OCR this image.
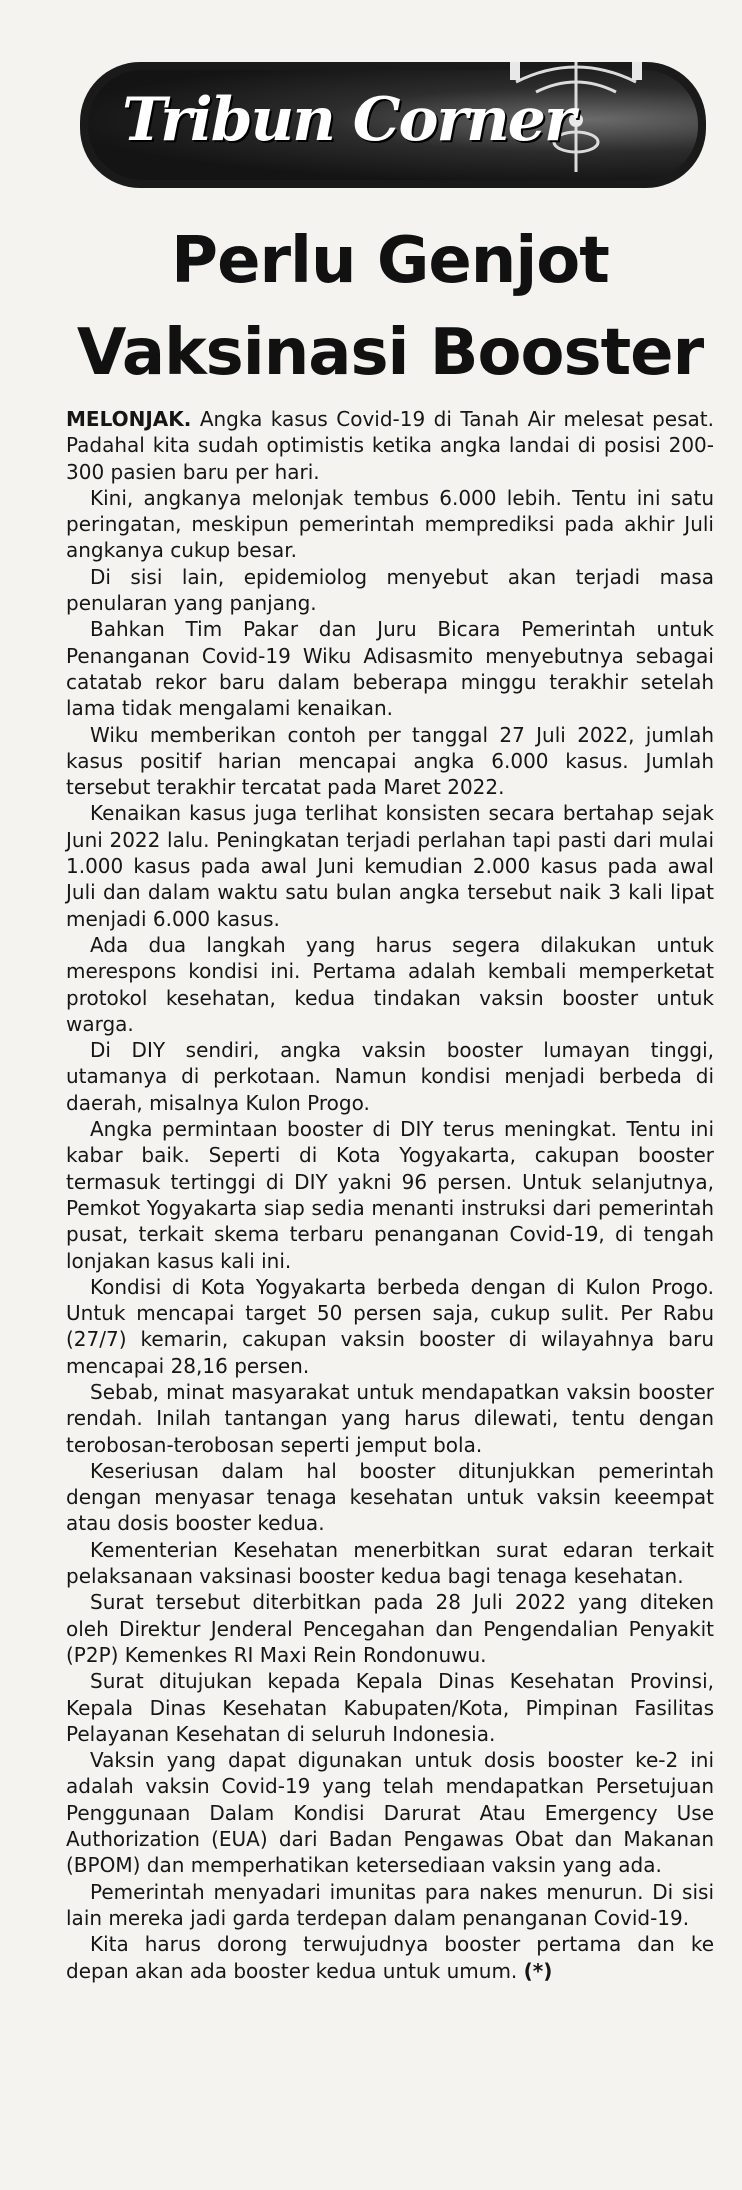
Tribun Corner
Perlu Genjot
Vaksinasi Booster

MELONJAK. Angka kasus Covid-19 di Tanah Air melesat pesat. Padahal kita sudah optimistis ketika angka landai di posisi 200-300 pasien baru per hari.

Kini, angkanya melonjak tembus 6.000 lebih. Tentu ini satu peringatan, meskipun pemerintah memprediksi pada akhir Juli angkanya cukup besar.

Di sisi lain, epidemiolog menyebut akan terjadi masa penularan yang panjang.

Bahkan Tim Pakar dan Juru Bicara Pemerintah untuk Penanganan Covid-19 Wiku Adisasmito menyebutnya sebagai catatab rekor baru dalam beberapa minggu terakhir setelah lama tidak mengalami kenaikan.

Wiku memberikan contoh per tanggal 27 Juli 2022, jumlah kasus positif harian mencapai angka 6.000 kasus. Jumlah tersebut terakhir tercatat pada Maret 2022.

Kenaikan kasus juga terlihat konsisten secara bertahap sejak Juni 2022 lalu. Peningkatan terjadi perlahan tapi pasti dari mulai 1.000 kasus pada awal Juni kemudian 2.000 kasus pada awal Juli dan dalam waktu satu bulan angka tersebut naik 3 kali lipat menjadi 6.000 kasus.

Ada dua langkah yang harus segera dilakukan untuk merespons kondisi ini. Pertama adalah kembali memperketat protokol kesehatan, kedua tindakan vaksin booster untuk warga.

Di DIY sendiri, angka vaksin booster lumayan tinggi, utamanya di perkotaan. Namun kondisi menjadi berbeda di daerah, misalnya Kulon Progo.

Angka permintaan booster di DIY terus meningkat. Tentu ini kabar baik. Seperti di Kota Yogyakarta, cakupan booster termasuk tertinggi di DIY yakni 96 persen. Untuk selanjutnya, Pemkot Yogyakarta siap sedia menanti instruksi dari pemerintah pusat, terkait skema terbaru penanganan Covid-19, di tengah lonjakan kasus kali ini.

Kondisi di Kota Yogyakarta berbeda dengan di Kulon Progo. Untuk mencapai target 50 persen saja, cukup sulit. Per Rabu (27/7) kemarin, cakupan vaksin booster di wilayahnya baru mencapai 28,16 persen.

Sebab, minat masyarakat untuk mendapatkan vaksin booster rendah. Inilah tantangan yang harus dilewati, tentu dengan terobosan-terobosan seperti jemput bola.

Keseriusan dalam hal booster ditunjukkan pemerintah dengan menyasar tenaga kesehatan untuk vaksin keeempat atau dosis booster kedua.

Kementerian Kesehatan menerbitkan surat edaran terkait pelaksanaan vaksinasi booster kedua bagi tenaga kesehatan.

Surat tersebut diterbitkan pada 28 Juli 2022 yang diteken oleh Direktur Jenderal Pencegahan dan Pengendalian Penyakit (P2P) Kemenkes RI Maxi Rein Rondonuwu.

Surat ditujukan kepada Kepala Dinas Kesehatan Provinsi, Kepala Dinas Kesehatan Kabupaten/Kota, Pimpinan Fasilitas Pelayanan Kesehatan di seluruh Indonesia.

Vaksin yang dapat digunakan untuk dosis booster ke-2 ini adalah vaksin Covid-19 yang telah mendapatkan Persetujuan Penggunaan Dalam Kondisi Darurat Atau Emergency Use Authorization (EUA) dari Badan Pengawas Obat dan Makanan (BPOM) dan memperhatikan ketersediaan vaksin yang ada.

Pemerintah menyadari imunitas para nakes menurun. Di sisi lain mereka jadi garda terdepan dalam penanganan Covid-19.

Kita harus dorong terwujudnya booster pertama dan ke depan akan ada booster kedua untuk umum. (*)
